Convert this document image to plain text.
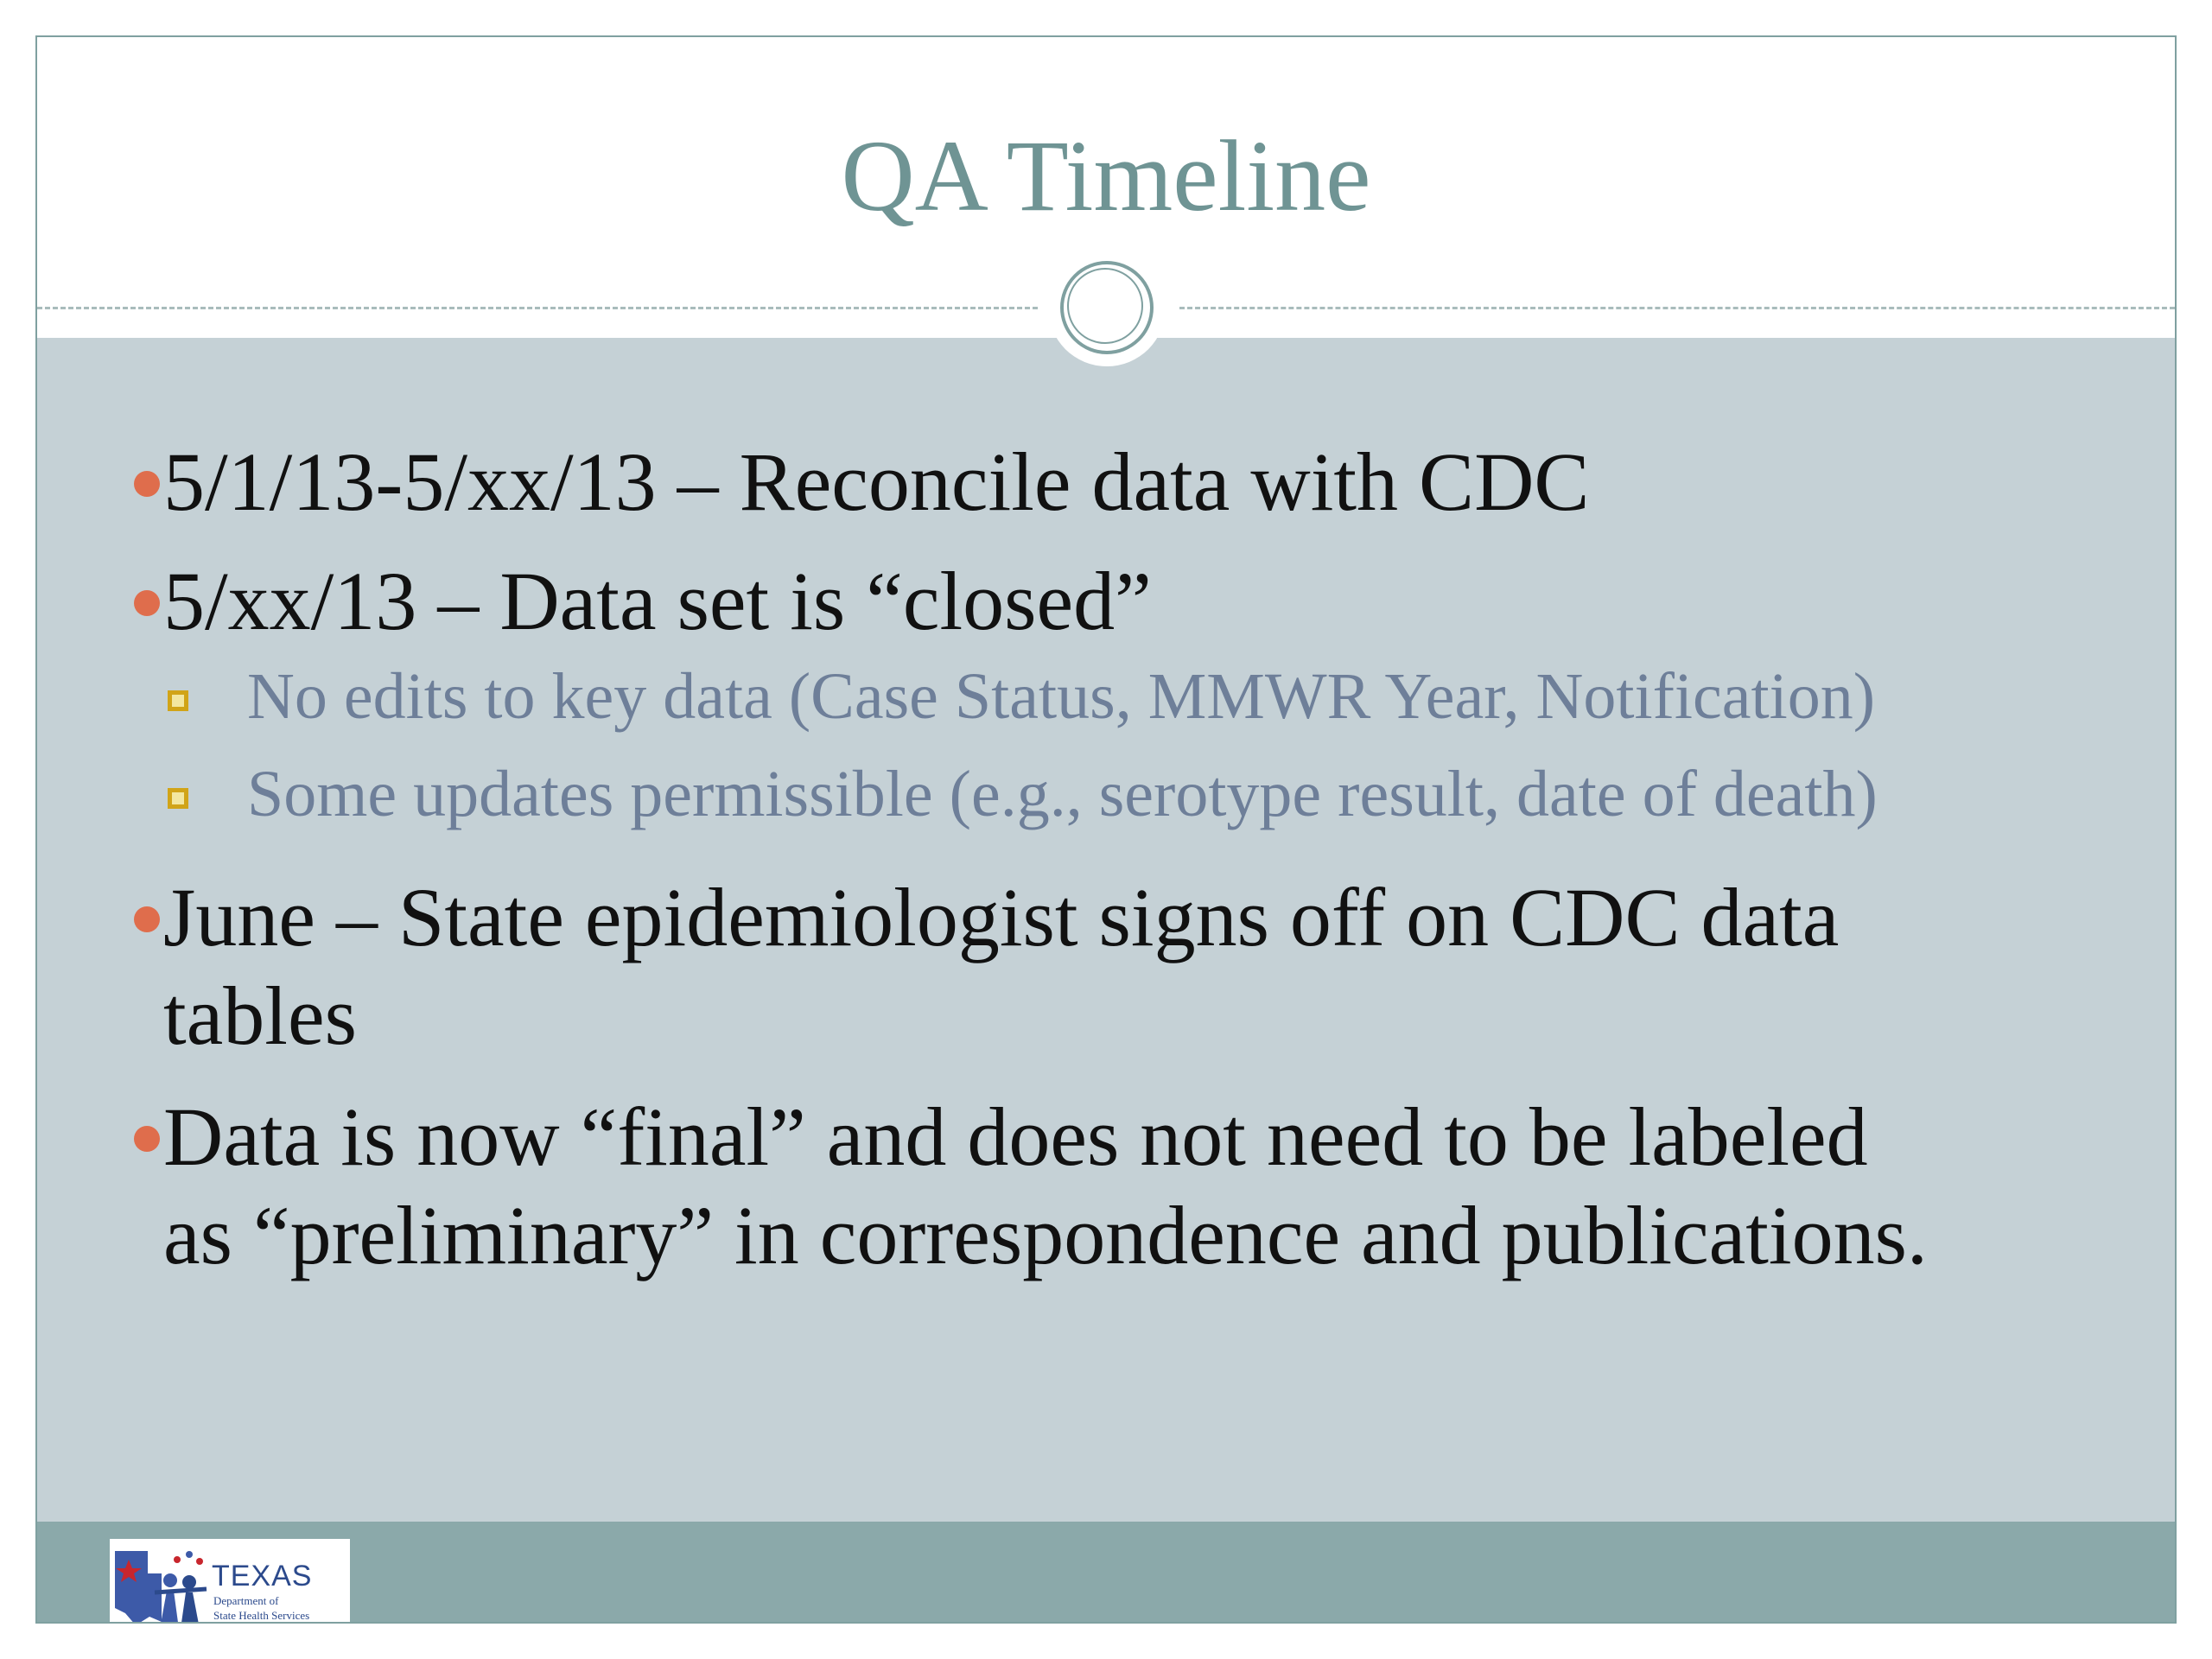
QA Timeline
5/1/13-5/xx/13 – Reconcile data with CDC
5/xx/13 – Data set is “closed”
No edits to key data (Case Status, MMWR Year, Notification)
Some updates permissible (e.g., serotype result, date of death)
June – State epidemiologist signs off on CDC data
tables
Data is now “final” and does not need to be labeled
as “preliminary” in correspondence and publications.
TEXAS
Department of
State Health Services
